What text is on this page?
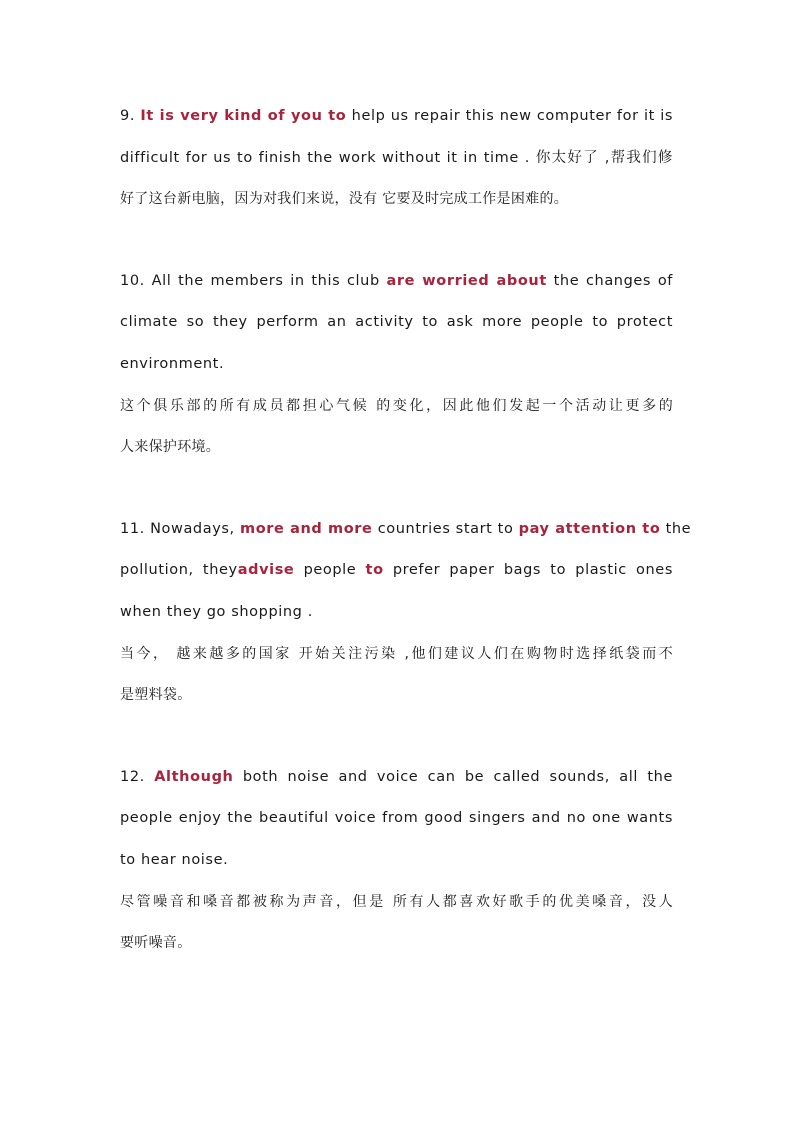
9. It is very kind of you to help us repair this new computer for it is
difficult for us to finish the work without it in time . 你太好了 ,帮我们修
好了这台新电脑，因为对我们来说，没有 它要及时完成工作是困难的。
10. All the members in this club are worried about the changes of
climate so they perform an activity to ask more people to protect
environment.
这个俱乐部的所有成员都担心气候 的变化，因此他们发起一个活动让更多的
人来保护环境。
11. Nowadays, more and more countries start to pay attention to the
pollution, theyadvise people to prefer paper bags to plastic ones
when they go shopping .
当今， 越来越多的国家 开始关注污染 ,他们建议人们在购物时选择纸袋而不
是塑料袋。
12. Although both noise and voice can be called sounds, all the
people enjoy the beautiful voice from good singers and no one wants
to hear noise.
尽管噪音和嗓音都被称为声音，但是 所有人都喜欢好歌手的优美嗓音，没人
要听噪音。
